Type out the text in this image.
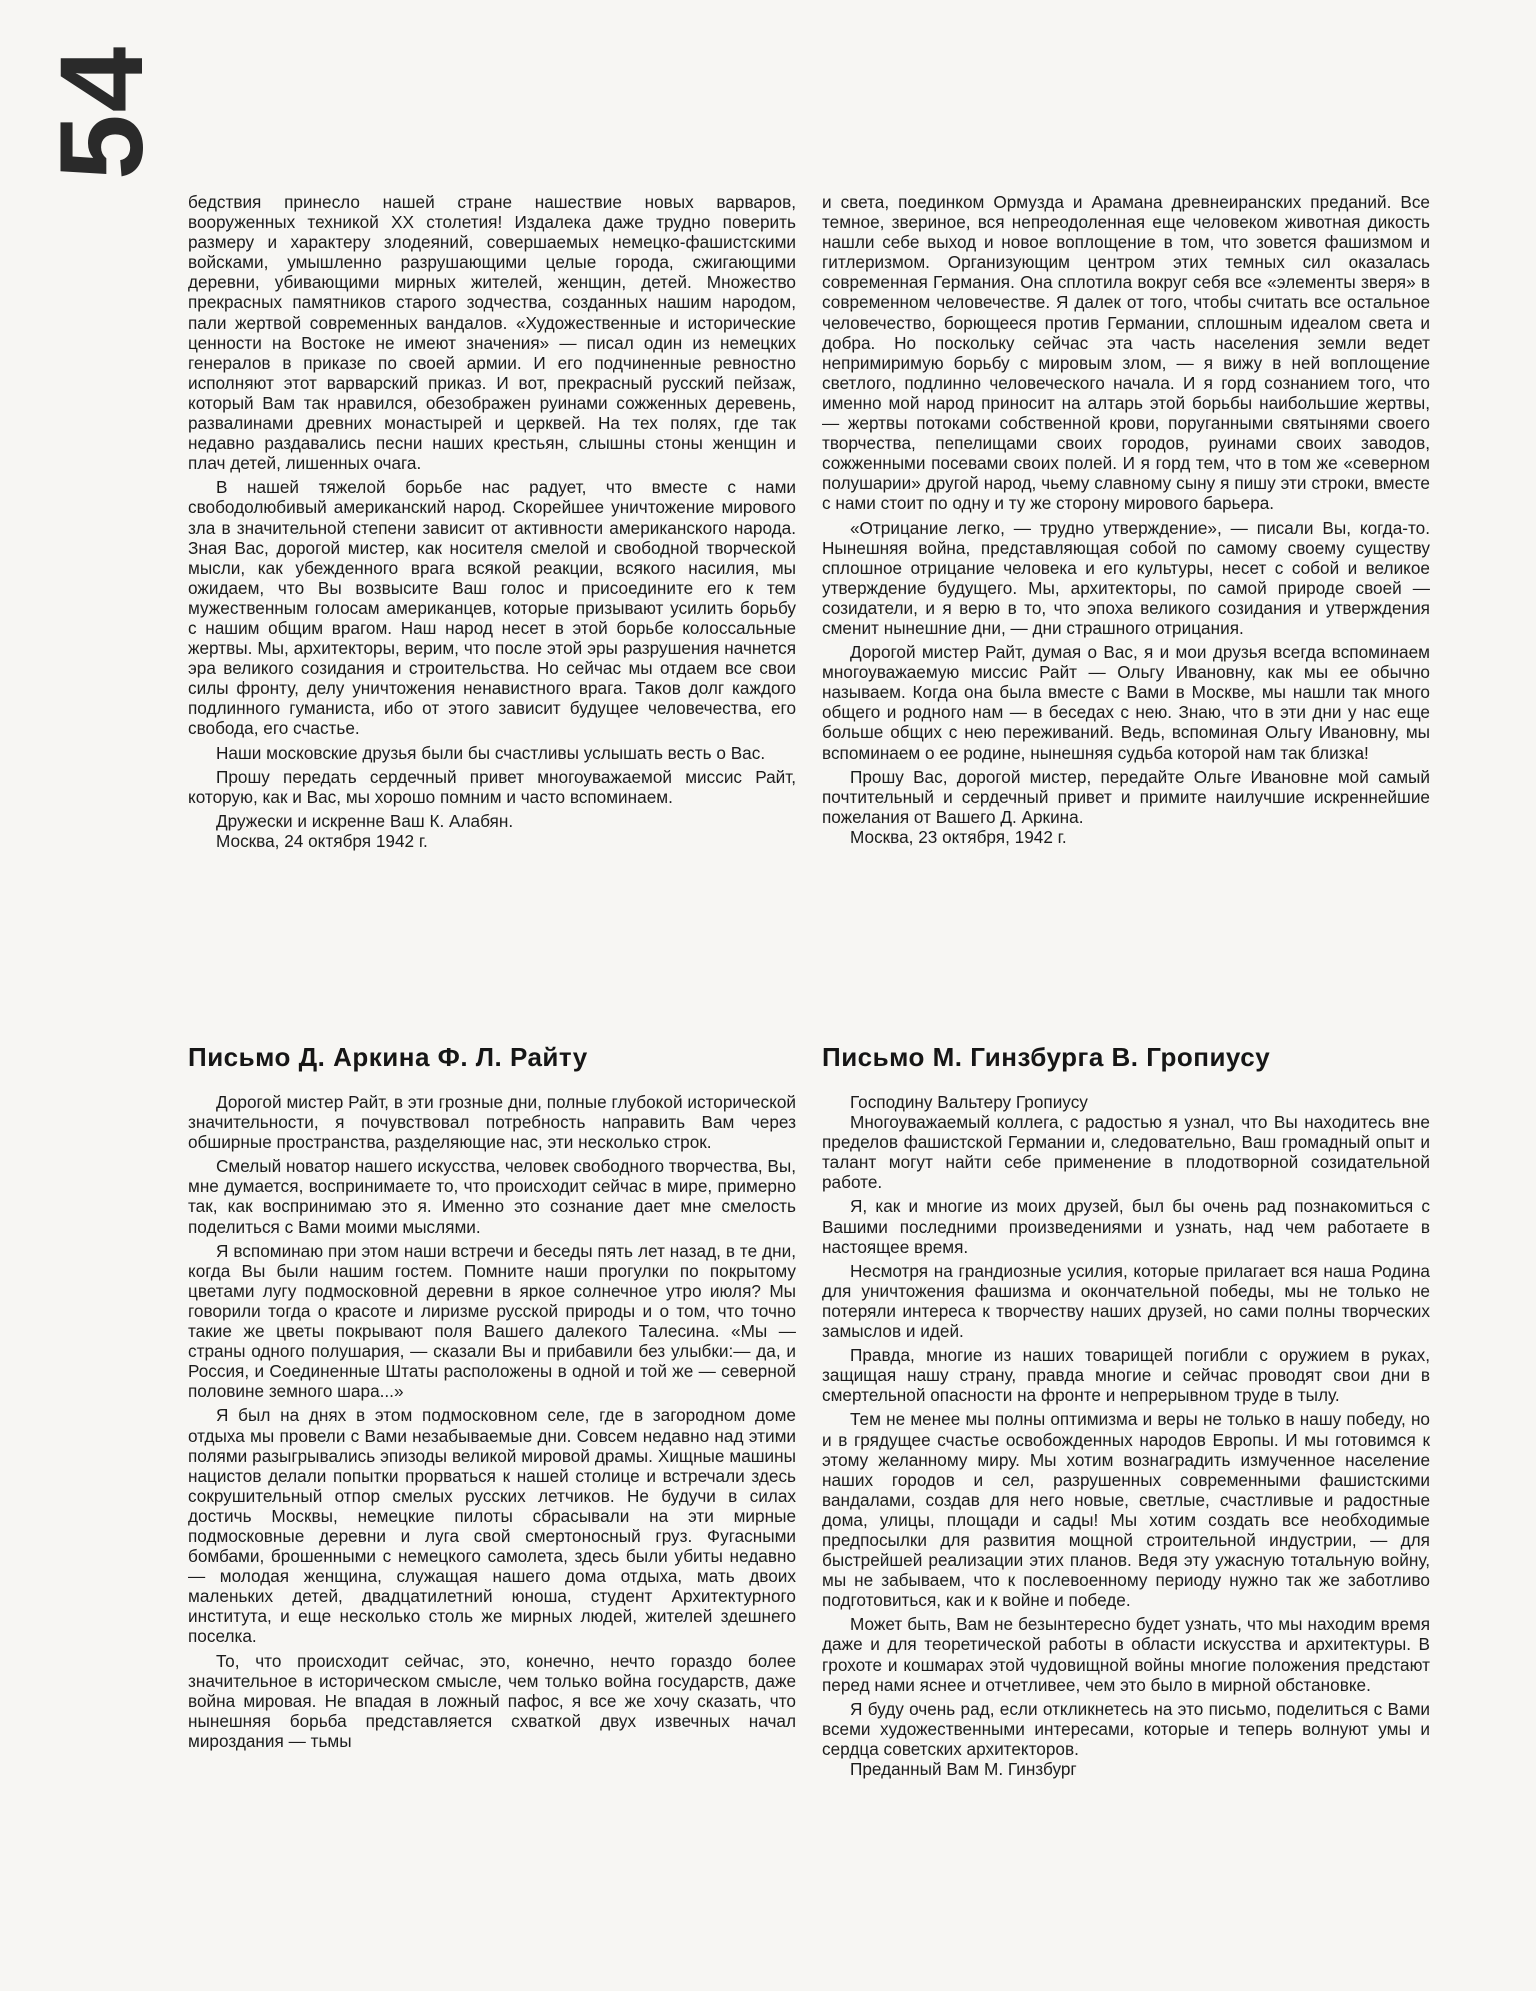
54

бедствия принесло нашей стране нашествие новых варваров, вооруженных техникой XX столетия! Издалека даже трудно поверить размеру и характеру злодеяний, совершаемых немецко-фашистскими войсками, умышленно разрушающими целые города, сжигающими деревни, убивающими мирных жителей, женщин, детей. Множество прекрасных памятников старого зодчества, созданных нашим народом, пали жертвой современных вандалов. «Художественные и исторические ценности на Востоке не имеют значения» — писал один из немецких генералов в приказе по своей армии. И его подчиненные ревностно исполняют этот варварский приказ. И вот, прекрасный русский пейзаж, который Вам так нравился, обезображен руинами сожженных деревень, развалинами древних монастырей и церквей. На тех полях, где так недавно раздавались песни наших крестьян, слышны стоны женщин и плач детей, лишенных очага.

В нашей тяжелой борьбе нас радует, что вместе с нами свободолюбивый американский народ. Скорейшее уничтожение мирового зла в значительной степени зависит от активности американского народа. Зная Вас, дорогой мистер, как носителя смелой и свободной творческой мысли, как убежденного врага всякой реакции, всякого насилия, мы ожидаем, что Вы возвысите Ваш голос и присоедините его к тем мужественным голосам американцев, которые призывают усилить борьбу с нашим общим врагом. Наш народ несет в этой борьбе колоссальные жертвы. Мы, архитекторы, верим, что после этой эры разрушения начнется эра великого созидания и строительства. Но сейчас мы отдаем все свои силы фронту, делу уничтожения ненавистного врага. Таков долг каждого подлинного гуманиста, ибо от этого зависит будущее человечества, его свобода, его счастье.

Наши московские друзья были бы счастливы услышать весть о Вас.

Прошу передать сердечный привет многоуважаемой миссис Райт, которую, как и Вас, мы хорошо помним и часто вспоминаем.

Дружески и искренне Ваш К. Алабян.

Москва, 24 октября 1942 г.

и света, поединком Ормузда и Арамана древнеиранских преданий. Все темное, звериное, вся непреодоленная еще человеком животная дикость нашли себе выход и новое воплощение в том, что зовется фашизмом и гитлеризмом. Организующим центром этих темных сил оказалась современная Германия. Она сплотила вокруг себя все «элементы зверя» в современном человечестве. Я далек от того, чтобы считать все остальное человечество, борющееся против Германии, сплошным идеалом света и добра. Но поскольку сейчас эта часть населения земли ведет непримиримую борьбу с мировым злом, — я вижу в ней воплощение светлого, подлинно человеческого начала. И я горд сознанием того, что именно мой народ приносит на алтарь этой борьбы наибольшие жертвы, — жертвы потоками собственной крови, поруганными святынями своего творчества, пепелищами своих городов, руинами своих заводов, сожженными посевами своих полей. И я горд тем, что в том же «северном полушарии» другой народ, чьему славному сыну я пишу эти строки, вместе с нами стоит по одну и ту же сторону мирового барьера.

«Отрицание легко, — трудно утверждение», — писали Вы, когда-то. Нынешняя война, представляющая собой по самому своему существу сплошное отрицание человека и его культуры, несет с собой и великое утверждение будущего. Мы, архитекторы, по самой природе своей — созидатели, и я верю в то, что эпоха великого созидания и утверждения сменит нынешние дни, — дни страшного отрицания.

Дорогой мистер Райт, думая о Вас, я и мои друзья всегда вспоминаем многоуважаемую миссис Райт — Ольгу Ивановну, как мы ее обычно называем. Когда она была вместе с Вами в Москве, мы нашли так много общего и родного нам — в беседах с нею. Знаю, что в эти дни у нас еще больше общих с нею переживаний. Ведь, вспоминая Ольгу Ивановну, мы вспоминаем о ее родине, нынешняя судьба которой нам так близка!

Прошу Вас, дорогой мистер, передайте Ольге Ивановне мой самый почтительный и сердечный привет и примите наилучшие искреннейшие пожелания от Вашего Д. Аркина.

Москва, 23 октября, 1942 г.

Письмо Д. Аркина Ф. Л. Райту	Письмо М. Гинзбурга В. Гропиусу

Дорогой мистер Райт, в эти грозные дни, полные глубокой исторической значительности, я почувствовал потребность направить Вам через обширные пространства, разделяющие нас, эти несколько строк.

Смелый новатор нашего искусства, человек свободного творчества, Вы, мне думается, воспринимаете то, что происходит сейчас в мире, примерно так, как воспринимаю это я. Именно это сознание дает мне смелость поделиться с Вами моими мыслями.

Я вспоминаю при этом наши встречи и беседы пять лет назад, в те дни, когда Вы были нашим гостем. Помните наши прогулки по покрытому цветами лугу подмосковной деревни в яркое солнечное утро июля? Мы говорили тогда о красоте и лиризме русской природы и о том, что точно такие же цветы покрывают поля Вашего далекого Талесина. «Мы — страны одного полушария, — сказали Вы и прибавили без улыбки:— да, и Россия, и Соединенные Штаты расположены в одной и той же — северной половине земного шара...»

Я был на днях в этом подмосковном селе, где в загородном доме отдыха мы провели с Вами незабываемые дни. Совсем недавно над этими полями разыгрывались эпизоды великой мировой драмы. Хищные машины нацистов делали попытки прорваться к нашей столице и встречали здесь сокрушительный отпор смелых русских летчиков. Не будучи в силах достичь Москвы, немецкие пилоты сбрасывали на эти мирные подмосковные деревни и луга свой смертоносный груз. Фугасными бомбами, брошенными с немецкого самолета, здесь были убиты недавно — молодая женщина, служащая нашего дома отдыха, мать двоих маленьких детей, двадцатилетний юноша, студент Архитектурного института, и еще несколько столь же мирных людей, жителей здешнего поселка.

То, что происходит сейчас, это, конечно, нечто гораздо более значительное в историческом смысле, чем только война государств, даже война мировая. Не впадая в ложный пафос, я все же хочу сказать, что нынешняя борьба представляется схваткой двух извечных начал мироздания — тьмы

Господину Вальтеру Гропиусу

Многоуважаемый коллега, с радостью я узнал, что Вы находитесь вне пределов фашистской Германии и, следовательно, Ваш громадный опыт и талант могут найти себе применение в плодотворной созидательной работе.

Я, как и многие из моих друзей, был бы очень рад познакомиться с Вашими последними произведениями и узнать, над чем работаете в настоящее время.

Несмотря на грандиозные усилия, которые прилагает вся наша Родина для уничтожения фашизма и окончательной победы, мы не только не потеряли интереса к творчеству наших друзей, но сами полны творческих замыслов и идей.

Правда, многие из наших товарищей погибли с оружием в руках, защищая нашу страну, правда многие и сейчас проводят свои дни в смертельной опасности на фронте и непрерывном труде в тылу.

Тем не менее мы полны оптимизма и веры не только в нашу победу, но и в грядущее счастье освобожденных народов Европы. И мы готовимся к этому желанному миру. Мы хотим вознаградить измученное население наших городов и сел, разрушенных современными фашистскими вандалами, создав для него новые, светлые, счастливые и радостные дома, улицы, площади и сады! Мы хотим создать все необходимые предпосылки для развития мощной строительной индустрии, — для быстрейшей реализации этих планов. Ведя эту ужасную тотальную войну, мы не забываем, что к послевоенному периоду нужно так же заботливо подготовиться, как и к войне и победе.

Может быть, Вам не безынтересно будет узнать, что мы находим время даже и для теоретической работы в области искусства и архитектуры. В грохоте и кошмарах этой чудовищной войны многие положения предстают перед нами яснее и отчетливее, чем это было в мирной обстановке.

Я буду очень рад, если откликнетесь на это письмо, поделиться с Вами всеми художественными интересами, которые и теперь волнуют умы и сердца советских архитекторов.

Преданный Вам М. Гинзбург
